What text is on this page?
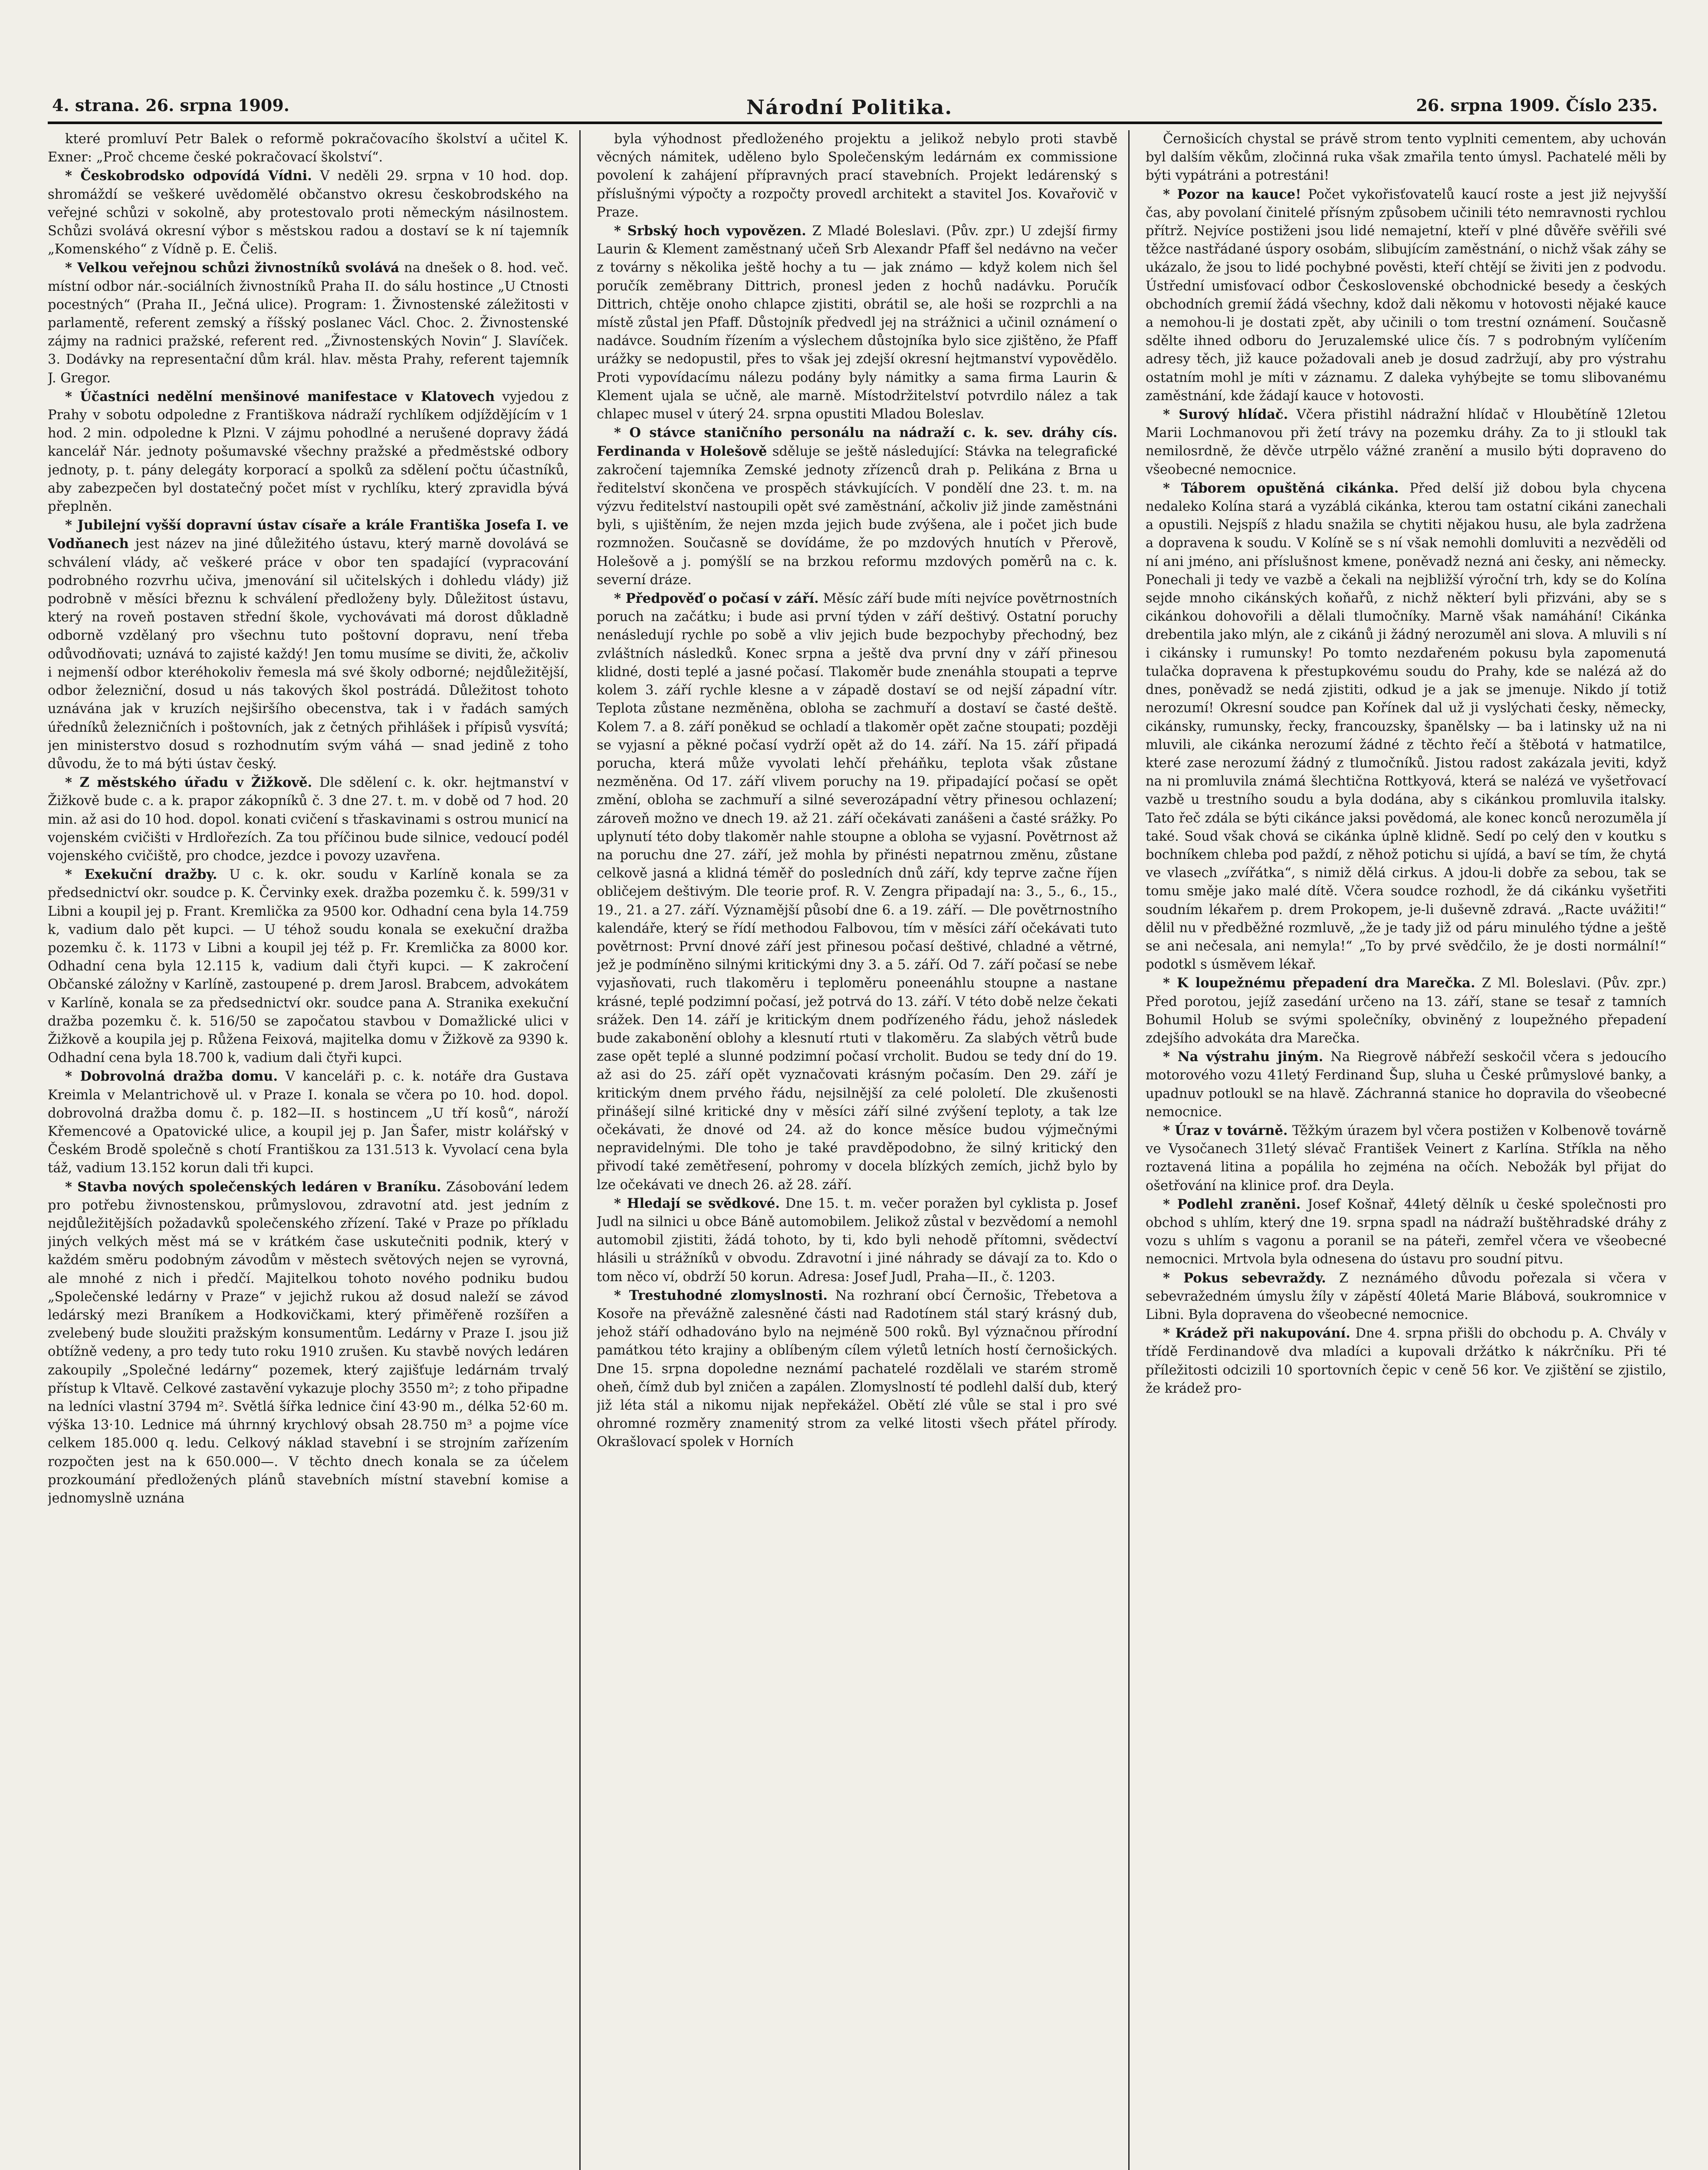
4. strana. 26. srpna 1909.	Národní Politika.	26. srpna 1909. Číslo 235.

které promluví Petr Balek o reformě pokračovacího školství a učitel K. Exner: „Proč chceme české pokračovací školství“.

* Českobrodsko odpovídá Vídni. V neděli 29. srpna v 10 hod. dop. shromáždí se veškeré uvědomělé občanstvo okresu českobrodského na veřejné schůzi v sokolně, aby protestovalo proti německým násilnostem. Schůzi svolává okresní výbor s městskou radou a dostaví se k ní tajemník „Komenského“ z Vídně p. E. Čeliš.

* Velkou veřejnou schůzi živnostníků svolává na dnešek o 8. hod. več. místní odbor nár.-sociálních živnostníků Praha II. do sálu hostince „U Ctnosti pocestných“ (Praha II., Ječná ulice). Program: 1. Živnostenské záležitosti v parlamentě, referent zemský a říšský poslanec Václ. Choc. 2. Živnostenské zájmy na radnici pražské, referent red. „Živnostenských Novin“ J. Slavíček. 3. Dodávky na representační dům král. hlav. města Prahy, referent tajemník J. Gregor.

* Účastníci nedělní menšinové manifestace v Klatovech vyjedou z Prahy v sobotu odpoledne z Františkova nádraží rychlíkem odjíždějícím v 1 hod. 2 min. odpoledne k Plzni. V zájmu pohodlné a nerušené dopravy žádá kancelář Nár. jednoty pošumavské všechny pražské a předměstské odbory jednoty, p. t. pány delegáty korporací a spolků za sdělení počtu účastníků, aby zabezpečen byl dostatečný počet míst v rychlíku, který zpravidla bývá přeplněn.

* Jubilejní vyšší dopravní ústav císaře a krále Františka Josefa I. ve Vodňanech jest název na jiné důležitého ústavu, který marně dovolává se schválení vlády, ač veškeré práce v obor ten spadající (vypracování podrobného rozvrhu učiva, jmenování sil učitelských i dohledu vlády) již podrobně v měsíci březnu k schválení předloženy byly. Důležitost ústavu, který na roveň postaven střední škole, vychovávati má dorost důkladně odborně vzdělaný pro všechnu tuto poštovní dopravu, není třeba odůvodňovati; uznává to zajisté každý! Jen tomu musíme se diviti, že, ačkoliv i nejmenší odbor kteréhokoliv řemesla má své školy odborné; nejdůležitější, odbor železniční, dosud u nás takových škol postrádá. Důležitost tohoto uznávána jak v kruzích nejširšího obecenstva, tak i v řadách samých úředníků železničních i poštovních, jak z četných přihlášek i přípisů vysvítá; jen ministerstvo dosud s rozhodnutím svým váhá — snad jedině z toho důvodu, že to má býti ústav český.

* Z městského úřadu v Žižkově. Dle sdělení c. k. okr. hejtmanství v Žižkově bude c. a k. prapor zákopníků č. 3 dne 27. t. m. v době od 7 hod. 20 min. až asi do 10 hod. dopol. konati cvičení s třaskavinami s ostrou municí na vojenském cvičišti v Hrdlořezích. Za tou příčinou bude silnice, vedoucí podél vojenského cvičiště, pro chodce, jezdce i povozy uzavřena.

* Exekuční dražby. U c. k. okr. soudu v Karlíně konala se za předsednictví okr. soudce p. K. Červinky exek. dražba pozemku č. k. 599/31 v Libni a koupil jej p. Frant. Kremlička za 9500 kor. Odhadní cena byla 14.759 k, vadium dalo pět kupci. — U téhož soudu konala se exekuční dražba pozemku č. k. 1173 v Libni a koupil jej též p. Fr. Kremlička za 8000 kor. Odhadní cena byla 12.115 k, vadium dali čtyři kupci. — K zakročení Občanské záložny v Karlíně, zastoupené p. drem Jarosl. Brabcem, advokátem v Karlíně, konala se za předsednictví okr. soudce pana A. Stranika exekuční dražba pozemku č. k. 516/50 se započatou stavbou v Domažlické ulici v Žižkově a koupila jej p. Růžena Feixová, majitelka domu v Žižkově za 9390 k. Odhadní cena byla 18.700 k, vadium dali čtyři kupci.

* Dobrovolná dražba domu. V kanceláři p. c. k. notáře dra Gustava Kreimla v Melantrichově ul. v Praze I. konala se včera po 10. hod. dopol. dobrovolná dražba domu č. p. 182—II. s hostincem „U tří kosů“, nároží Křemencové a Opatovické ulice, a koupil jej p. Jan Šafer, mistr kolářský v Českém Brodě společně s chotí Františkou za 131.513 k. Vyvolací cena byla táž, vadium 13.152 korun dali tři kupci.

* Stavba nových společenských ledáren v Braníku. Zásobování ledem pro potřebu živnostenskou, průmyslovou, zdravotní atd. jest jedním z nejdůležitějších požadavků společenského zřízení. Také v Praze po příkladu jiných velkých měst má se v krátkém čase uskutečniti podnik, který v každém směru podobným závodům v městech světových nejen se vyrovná, ale mnohé z nich i předčí. Majitelkou tohoto nového podniku budou „Společenské ledárny v Praze“ v jejichž rukou až dosud naleží se závod ledárský mezi Braníkem a Hodkovičkami, který přiměřeně rozšířen a zvelebený bude sloužiti pražským konsumentům. Ledárny v Praze I. jsou již obtížně vedeny, a pro tedy tuto roku 1910 zrušen. Ku stavbě nových ledáren zakoupily „Společné ledárny“ pozemek, který zajišťuje ledárnám trvalý přístup k Vltavě. Celkové zastavění vykazuje plochy 3550 m²; z toho připadne na ledníci vlastní 3794 m². Světlá šířka lednice činí 43·90 m., délka 52·60 m. výška 13·10. Lednice má úhrnný krychlový obsah 28.750 m³ a pojme více celkem 185.000 q. ledu. Celkový náklad stavební i se strojním zařízením rozpočten jest na k 650.000—. V těchto dnech konala se za účelem prozkoumání předložených plánů stavebních místní stavební komise a jednomyslně uznána

byla výhodnost předloženého projektu a jelikož nebylo proti stavbě věcných námitek, uděleno bylo Společenským ledárnám ex commissione povolení k zahájení přípravných prací stavebních. Projekt ledárenský s příslušnými výpočty a rozpočty provedl architekt a stavitel Jos. Kovařovič v Praze.

* Srbský hoch vypovězen. Z Mladé Boleslavi. (Pův. zpr.) U zdejší firmy Laurin & Klement zaměstnaný učeň Srb Alexandr Pfaff šel nedávno na večer z továrny s několika ještě hochy a tu — jak známo — když kolem nich šel poručík zeměbrany Dittrich, pronesl jeden z hochů nadávku. Poručík Dittrich, chtěje onoho chlapce zjistiti, obrátil se, ale hoši se rozprchli a na místě zůstal jen Pfaff. Důstojník předvedl jej na strážnici a učinil oznámení o nadávce. Soudním řízením a výslechem důstojníka bylo sice zjištěno, že Pfaff urážky se nedopustil, přes to však jej zdejší okresní hejtmanství vypovědělo. Proti vypovídacímu nálezu podány byly námitky a sama firma Laurin & Klement ujala se učně, ale marně. Místodržitelství potvrdilo nález a tak chlapec musel v úterý 24. srpna opustiti Mladou Boleslav.

* O stávce staničního personálu na nádraží c. k. sev. dráhy cís. Ferdinanda v Holešově sděluje se ještě následující: Stávka na telegrafické zakročení tajemníka Zemské jednoty zřízenců drah p. Pelikána z Brna u ředitelství skončena ve prospěch stávkujících. V pondělí dne 23. t. m. na výzvu ředitelství nastoupili opět své zaměstnání, ačkoliv již jinde zaměstnáni byli, s ujištěním, že nejen mzda jejich bude zvýšena, ale i počet jich bude rozmnožen. Současně se dovídáme, že po mzdových hnutích v Přerově, Holešově a j. pomýšlí se na brzkou reformu mzdových poměrů na c. k. severní dráze.

* Předpověď o počasí v září. Měsíc září bude míti nejvíce povětrnostních poruch na začátku; i bude asi první týden v září deštivý. Ostatní poruchy nenásledují rychle po sobě a vliv jejich bude bezpochyby přechodný, bez zvláštních následků. Konec srpna a ještě dva první dny v září přinesou klidné, dosti teplé a jasné počasí. Tlakoměr bude znenáhla stoupati a teprve kolem 3. září rychle klesne a v západě dostaví se od nejší západní vítr. Teplota zůstane nezměněna, obloha se zachmuří a dostaví se časté deště. Kolem 7. a 8. září poněkud se ochladí a tlakoměr opět začne stoupati; později se vyjasní a pěkné počasí vydrží opět až do 14. září. Na 15. září připadá porucha, která může vyvolati lehčí přeháňku, teplota však zůstane nezměněna. Od 17. září vlivem poruchy na 19. připadající počasí se opět změní, obloha se zachmuří a silné severozápadní větry přinesou ochlazení; zároveň možno ve dnech 19. až 21. září očekávati zanášeni a časté srážky. Po uplynutí této doby tlakoměr nahle stoupne a obloha se vyjasní. Povětrnost až na poruchu dne 27. září, jež mohla by přinésti nepatrnou změnu, zůstane celkově jasná a klidná téměř do posledních dnů září, kdy teprve začne říjen obličejem deštivým. Dle teorie prof. R. V. Zengra připadají na: 3., 5., 6., 15., 19., 21. a 27. září. Významější působí dne 6. a 19. září. — Dle povětrnostního kalendáře, který se řídí methodou Falbovou, tím v měsíci září očekávati tuto povětrnost: První dnové září jest přinesou počasí deštivé, chladné a větrné, jež je podmíněno silnými kritickými dny 3. a 5. září. Od 7. září počasí se nebe vyjasňovati, ruch tlakoměru i teploměru poneenáhlu stoupne a nastane krásné, teplé podzimní počasí, jež potrvá do 13. září. V této době nelze čekati srážek. Den 14. září je kritickým dnem podřízeného řádu, jehož následek bude zakabonění oblohy a klesnutí rtuti v tlakoměru. Za slabých větrů bude zase opět teplé a slunné podzimní počasí vrcholit. Budou se tedy dní do 19. až asi do 25. září opět vyznačovati krásným počasím. Den 29. září je kritickým dnem prvého řádu, nejsilnější za celé pololetí. Dle zkušenosti přinášejí silné kritické dny v měsíci září silné zvýšení teploty, a tak lze očekávati, že dnové od 24. až do konce měsíce budou výjmečnými nepravidelnými. Dle toho je také pravděpodobno, že silný kritický den přivodí také zemětřesení, pohromy v docela blízkých zemích, jichž bylo by lze očekávati ve dnech 26. až 28. září.

* Hledají se svědkové. Dne 15. t. m. večer poražen byl cyklista p. Josef Judl na silnici u obce Báně automobilem. Jelikož zůstal v bezvědomí a nemohl automobil zjistiti, žádá tohoto, by ti, kdo byli nehodě přítomni, svědectví hlásili u strážníků v obvodu. Zdravotní i jiné náhrady se dávají za to. Kdo o tom něco ví, obdrží 50 korun. Adresa: Josef Judl, Praha—II., č. 1203.

* Trestuhodné zlomyslnosti. Na rozhraní obcí Černošic, Třebetova a Kosoře na převážně zalesněné části nad Radotínem stál starý krásný dub, jehož stáří odhadováno bylo na nejméně 500 roků. Byl význačnou přírodní památkou této krajiny a oblíbeným cílem výletů letních hostí černošických. Dne 15. srpna dopoledne neznámí pachatelé rozdělali ve starém stromě oheň, čímž dub byl zničen a zapálen. Zlomyslností té podlehl další dub, který již léta stál a nikomu nijak nepřekážel. Obětí zlé vůle se stal i pro své ohromné rozměry znamenitý strom za velké litosti všech přátel přírody. Okrašlovací spolek v Horních

Černošicích chystal se právě strom tento vyplniti cementem, aby uchován byl dalším věkům, zločinná ruka však zmařila tento úmysl. Pachatelé měli by býti vypátráni a potrestáni!

* Pozor na kauce! Počet vykořisťovatelů kaucí roste a jest již nejvyšší čas, aby povolaní činitelé přísným způsobem učinili této nemravnosti rychlou přítrž. Nejvíce postiženi jsou lidé nemajetní, kteří v plné důvěře svěřili své těžce nastřádané úspory osobám, slibujícím zaměstnání, o nichž však záhy se ukázalo, že jsou to lidé pochybné pověsti, kteří chtějí se živiti jen z podvodu. Ústřední umisťovací odbor Československé obchodnické besedy a českých obchodních gremií žádá všechny, kdož dali někomu v hotovosti nějaké kauce a nemohou-li je dostati zpět, aby učinili o tom trestní oznámení. Současně sdělte ihned odboru do Jeruzalemské ulice čís. 7 s podrobným vylíčením adresy těch, již kauce požadovali aneb je dosud zadržují, aby pro výstrahu ostatním mohl je míti v záznamu. Z daleka vyhýbejte se tomu slibovanému zaměstnání, kde žádají kauce v hotovosti.

* Surový hlídač. Včera přistihl nádražní hlídač v Hloubětíně 12letou Marii Lochmanovou při žetí trávy na pozemku dráhy. Za to ji stloukl tak nemilosrdně, že děvče utrpělo vážné zranění a musilo býti dopraveno do všeobecné nemocnice.

* Táborem opuštěná cikánka. Před delší již dobou byla chycena nedaleko Kolína stará a vyzáblá cikánka, kterou tam ostatní cikáni zanechali a opustili. Nejspíš z hladu snažila se chytiti nějakou husu, ale byla zadržena a dopravena k soudu. V Kolíně se s ní však nemohli domluviti a nezvěděli od ní ani jméno, ani příslušnost kmene, poněvadž nezná ani česky, ani německy. Ponechali ji tedy ve vazbě a čekali na nejbližší výroční trh, kdy se do Kolína sejde mnoho cikánských koňařů, z nichž některí byli přizváni, aby se s cikánkou dohovořili a dělali tlumočníky. Marně však namáhání! Cikánka drebentila jako mlýn, ale z cikánů ji žádný nerozuměl ani slova. A mluvili s ní i cikánsky i rumunsky! Po tomto nezdařeném pokusu byla zapomenutá tulačka dopravena k přestupkovému soudu do Prahy, kde se nalézá až do dnes, poněvadž se nedá zjistiti, odkud je a jak se jmenuje. Nikdo jí totiž nerozumí! Okresní soudce pan Kořínek dal už ji vyslýchati česky, německy, cikánsky, rumunsky, řecky, francouzsky, španělsky — ba i latinsky už na ni mluvili, ale cikánka nerozumí žádné z těchto řečí a štěbotá v hatmatilce, které zase nerozumí žádný z tlumočníků. Jistou radost zakázala jeviti, když na ni promluvila známá šlechtična Rottkyová, která se nalézá ve vyšetřovací vazbě u trestního soudu a byla dodána, aby s cikánkou promluvila italsky. Tato řeč zdála se býti cikánce jaksi povědomá, ale konec konců nerozuměla jí také. Soud však chová se cikánka úplně klidně. Sedí po celý den v koutku s bochníkem chleba pod paždí, z něhož potichu si ujídá, a baví se tím, že chytá ve vlasech „zvířátka“, s nimiž dělá cirkus. A jdou-li dobře za sebou, tak se tomu směje jako malé dítě. Včera soudce rozhodl, že dá cikánku vyšetřiti soudním lékařem p. drem Prokopem, je-li duševně zdravá. „Racte uvážiti!“ dělil nu v předběžné rozmluvě, „že je tady již od páru minulého týdne a ještě se ani nečesala, ani nemyla!“ „To by prvé svědčilo, že je dosti normální!“ podotkl s úsměvem lékař.

* K loupežnému přepadení dra Marečka. Z Ml. Boleslavi. (Pův. zpr.) Před porotou, jejíž zasedání určeno na 13. září, stane se tesař z tamních Bohumil Holub se svými společníky, obviněný z loupežného přepadení zdejšího advokáta dra Marečka.

* Na výstrahu jiným. Na Riegrově nábřeží seskočil včera s jedoucího motorového vozu 41letý Ferdinand Šup, sluha u České průmyslové banky, a upadnuv potloukl se na hlavě. Záchranná stanice ho dopravila do všeobecné nemocnice.

* Úraz v továrně. Těžkým úrazem byl včera postižen v Kolbenově továrně ve Vysočanech 31letý slévač František Veinert z Karlína. Stříkla na něho roztavená litina a popálila ho zejména na očích. Nebožák byl přijat do ošetřování na klinice prof. dra Deyla.

* Podlehl zraněni. Josef Košnař, 44letý dělník u české společnosti pro obchod s uhlím, který dne 19. srpna spadl na nádraží buštěhradské dráhy z vozu s uhlím s vagonu a poranil se na páteři, zemřel včera ve všeobecné nemocnici. Mrtvola byla odnesena do ústavu pro soudní pitvu.

* Pokus sebevraždy. Z neznámého důvodu pořezala si včera v sebevražedném úmyslu žíly v zápěstí 40letá Marie Blábová, soukromnice v Libni. Byla dopravena do všeobecné nemocnice.

* Krádež při nakupování. Dne 4. srpna přišli do obchodu p. A. Chvály v třídě Ferdinandově dva mladíci a kupovali držátko k nákrčníku. Při té příležitosti odcizili 10 sportovních čepic v ceně 56 kor. Ve zjištění se zjistilo, že krádež pro-
